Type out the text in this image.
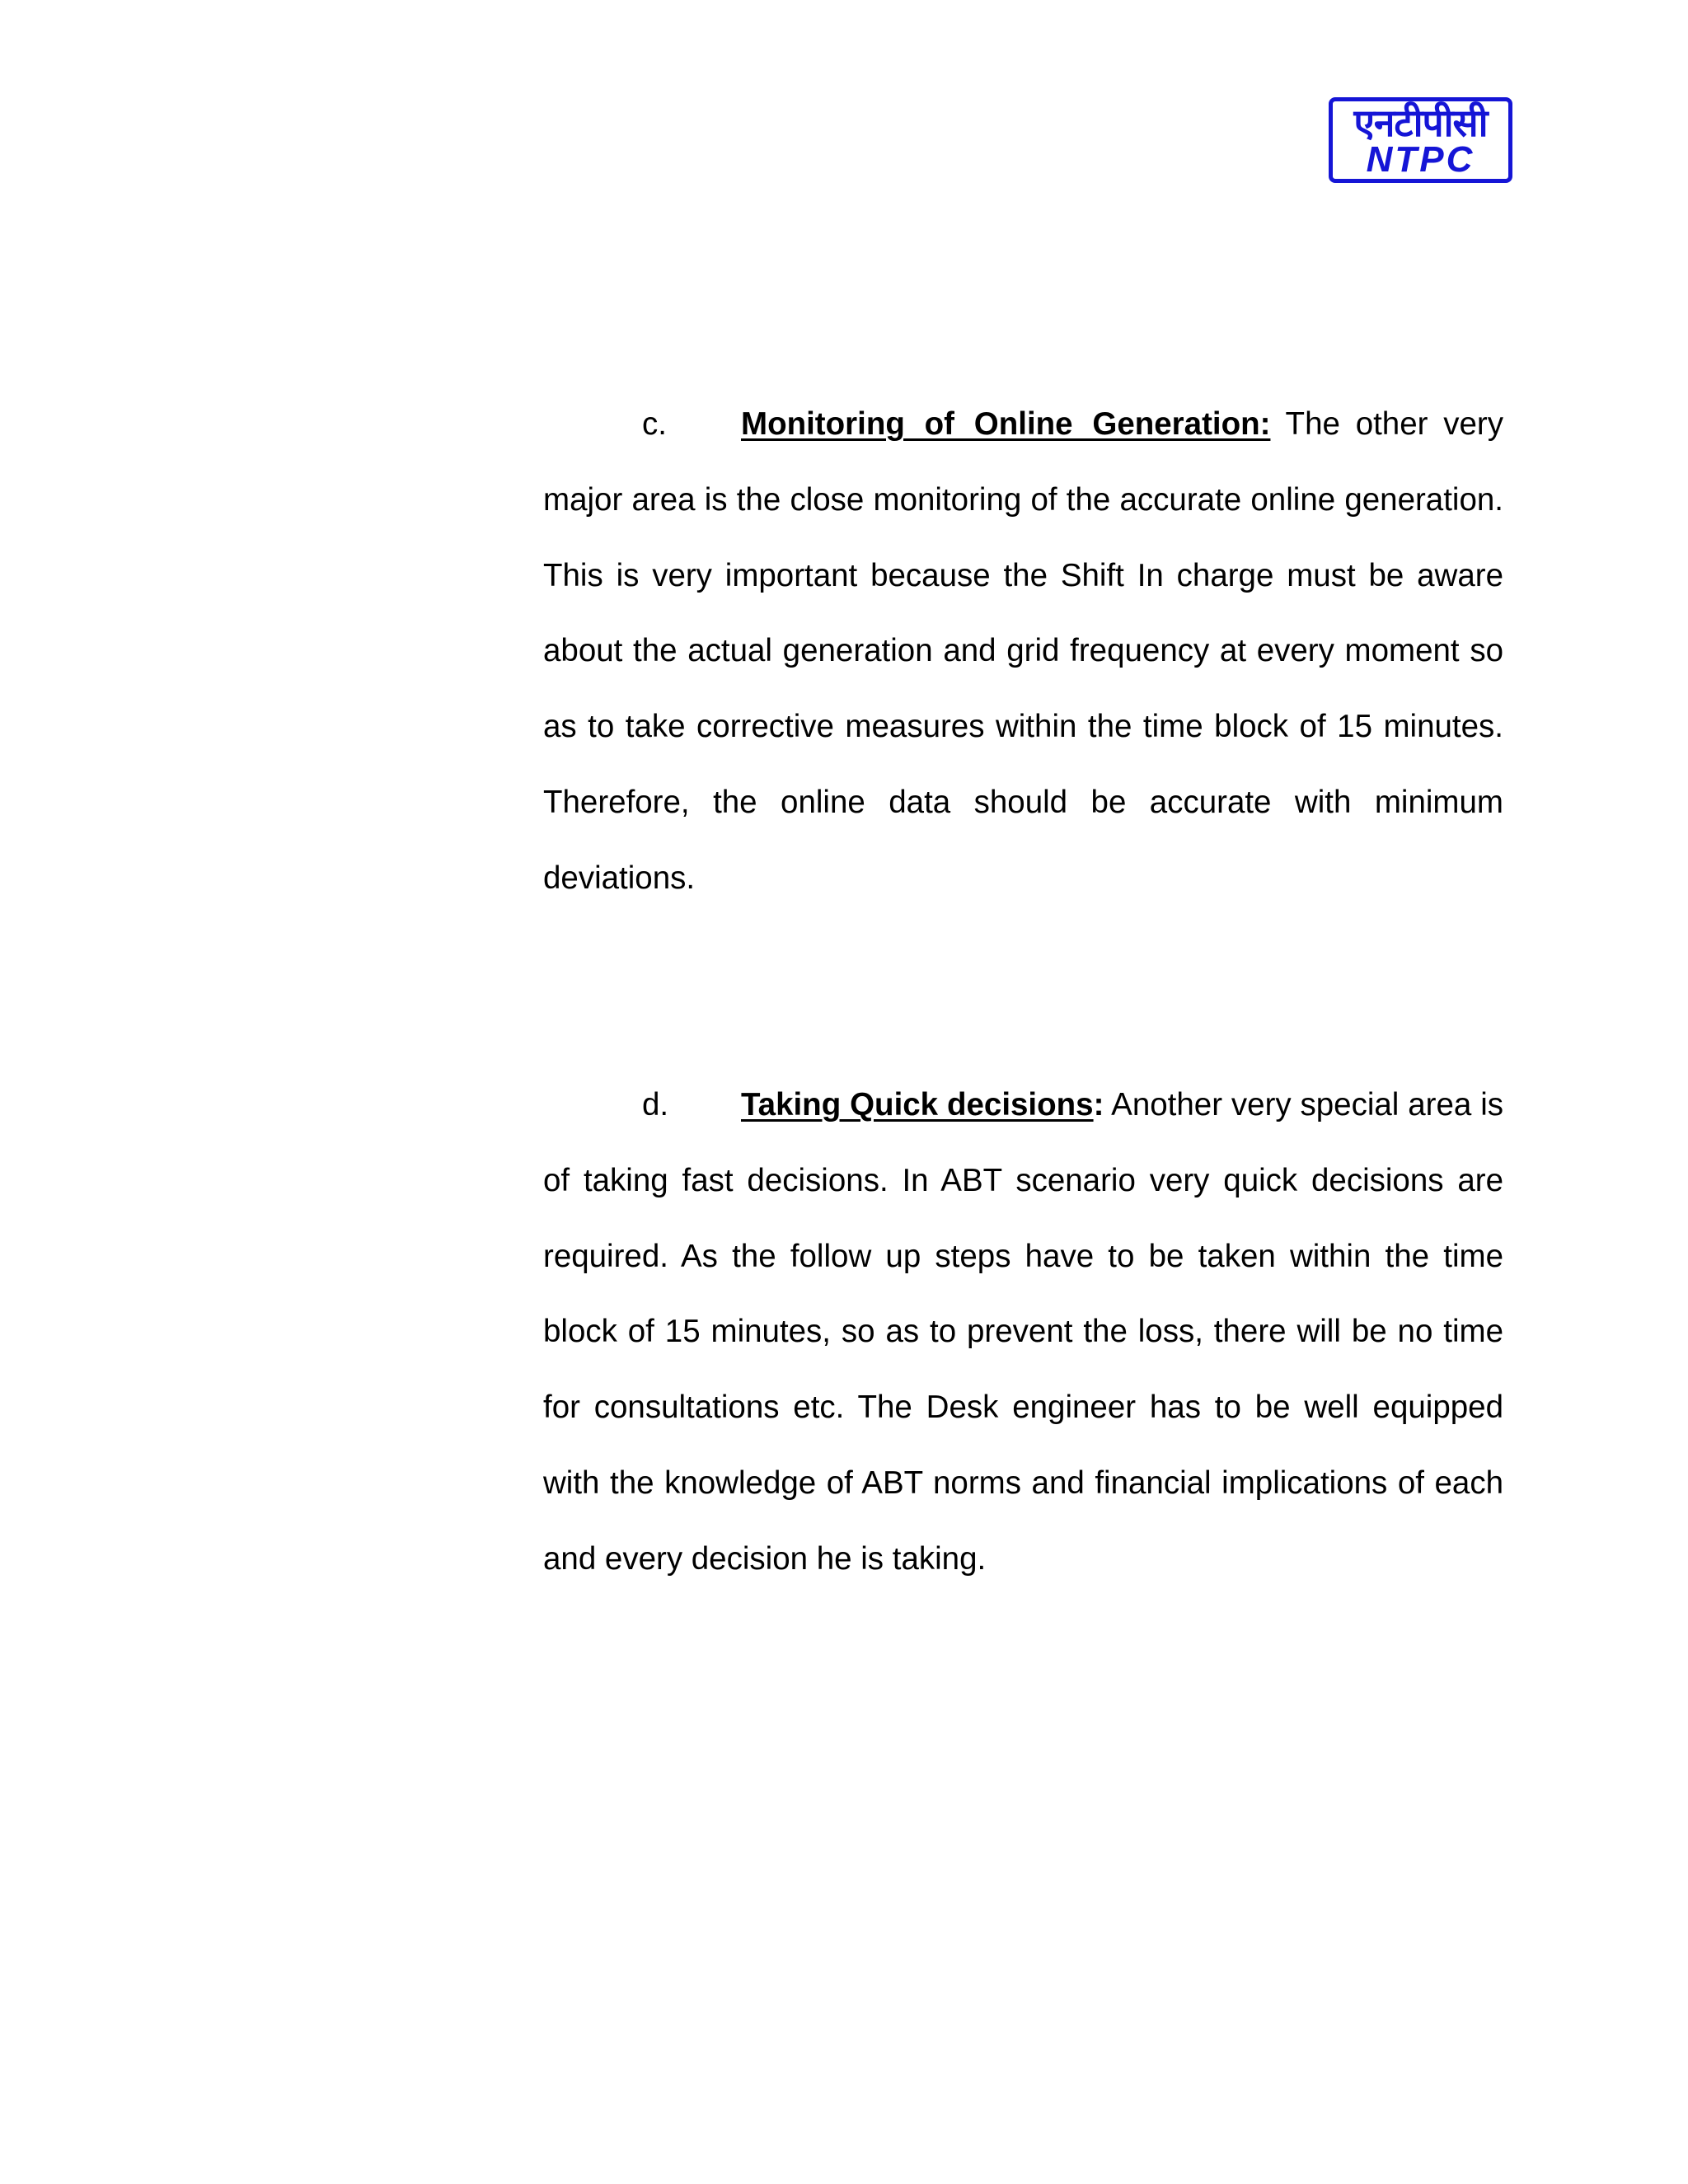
एनटीपीसी
NTPC

c. Monitoring of Online Generation: The other very major area is the close monitoring of the accurate online generation. This is very important because the Shift In charge must be aware about the actual generation and grid frequency at every moment so as to take corrective measures within the time block of 15 minutes. Therefore, the online data should be accurate with minimum deviations.

d. Taking Quick decisions: Another very special area is of taking fast decisions. In ABT scenario very quick decisions are required. As the follow up steps have to be taken within the time block of 15 minutes, so as to prevent the loss, there will be no time for consultations etc. The Desk engineer has to be well equipped with the knowledge of ABT norms and financial implications of each and every decision he is taking.
